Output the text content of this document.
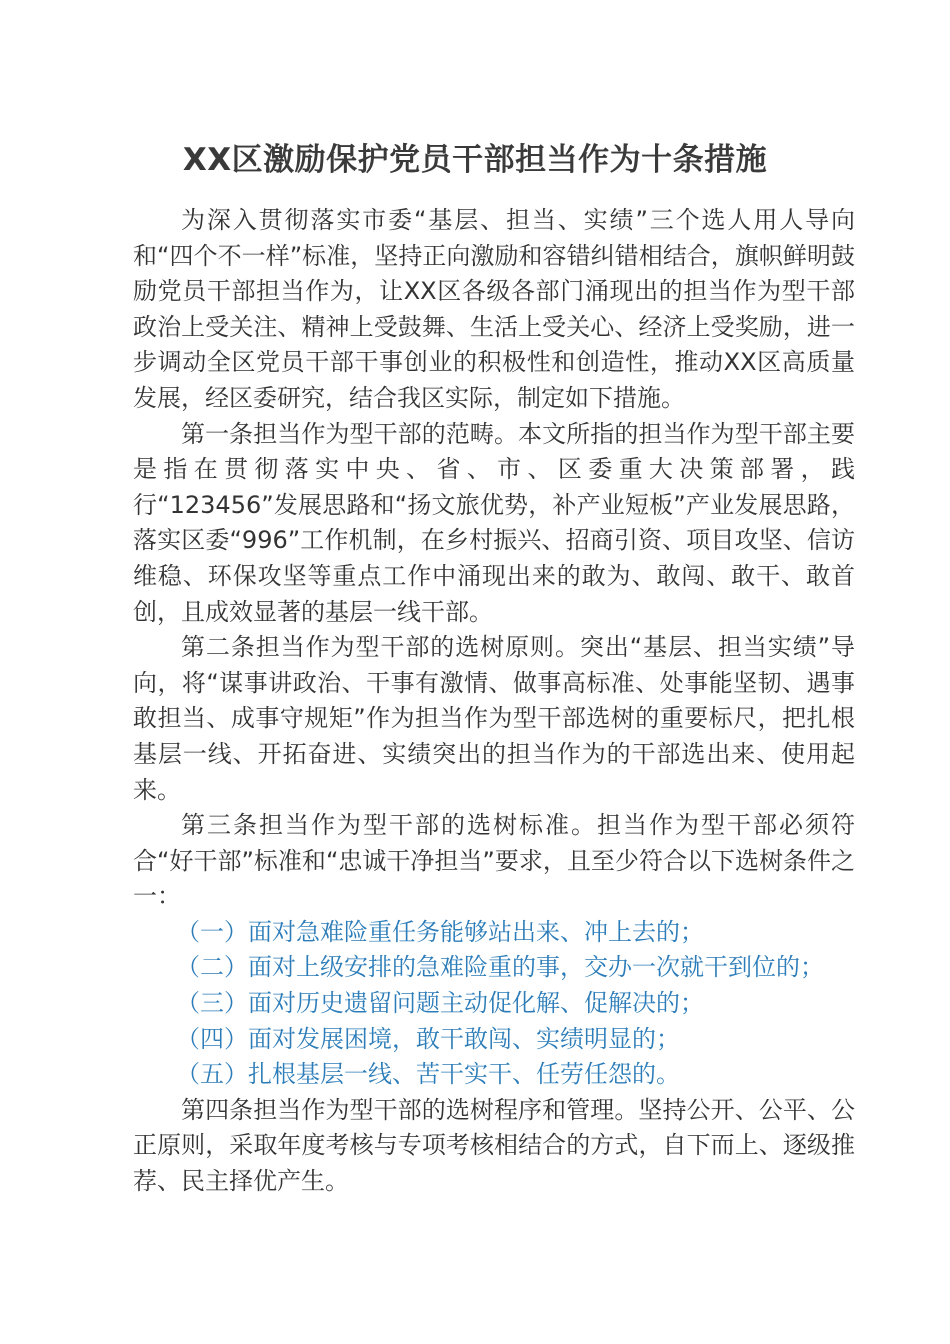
XX区激励保护党员干部担当作为十条措施

为深入贯彻落实市委“基层、担当、实绩”三个选人用人导向和“四个不一样”标准，坚持正向激励和容错纠错相结合，旗帜鲜明鼓励党员干部担当作为，让XX区各级各部门涌现出的担当作为型干部政治上受关注、精神上受鼓舞、生活上受关心、经济上受奖励，进一步调动全区党员干部干事创业的积极性和创造性，推动XX区高质量发展，经区委研究，结合我区实际，制定如下措施。

第一条担当作为型干部的范畴。本文所指的担当作为型干部主要是指在贯彻落实中央、省、市、区委重大决策部署，践行“123456”发展思路和“扬文旅优势，补产业短板”产业发展思路，落实区委“996”工作机制，在乡村振兴、招商引资、项目攻坚、信访维稳、环保攻坚等重点工作中涌现出来的敢为、敢闯、敢干、敢首创，且成效显著的基层一线干部。

第二条担当作为型干部的选树原则。突出“基层、担当实绩”导向，将“谋事讲政治、干事有激情、做事高标准、处事能坚韧、遇事敢担当、成事守规矩”作为担当作为型干部选树的重要标尺，把扎根基层一线、开拓奋进、实绩突出的担当作为的干部选出来、使用起来。

第三条担当作为型干部的选树标准。担当作为型干部必须符合“好干部”标准和“忠诚干净担当”要求，且至少符合以下选树条件之一：

（一）面对急难险重任务能够站出来、冲上去的；

（二）面对上级安排的急难险重的事，交办一次就干到位的；

（三）面对历史遗留问题主动促化解、促解决的；

（四）面对发展困境，敢干敢闯、实绩明显的；

（五）扎根基层一线、苦干实干、任劳任怨的。

第四条担当作为型干部的选树程序和管理。坚持公开、公平、公正原则，采取年度考核与专项考核相结合的方式，自下而上、逐级推荐、民主择优产生。
